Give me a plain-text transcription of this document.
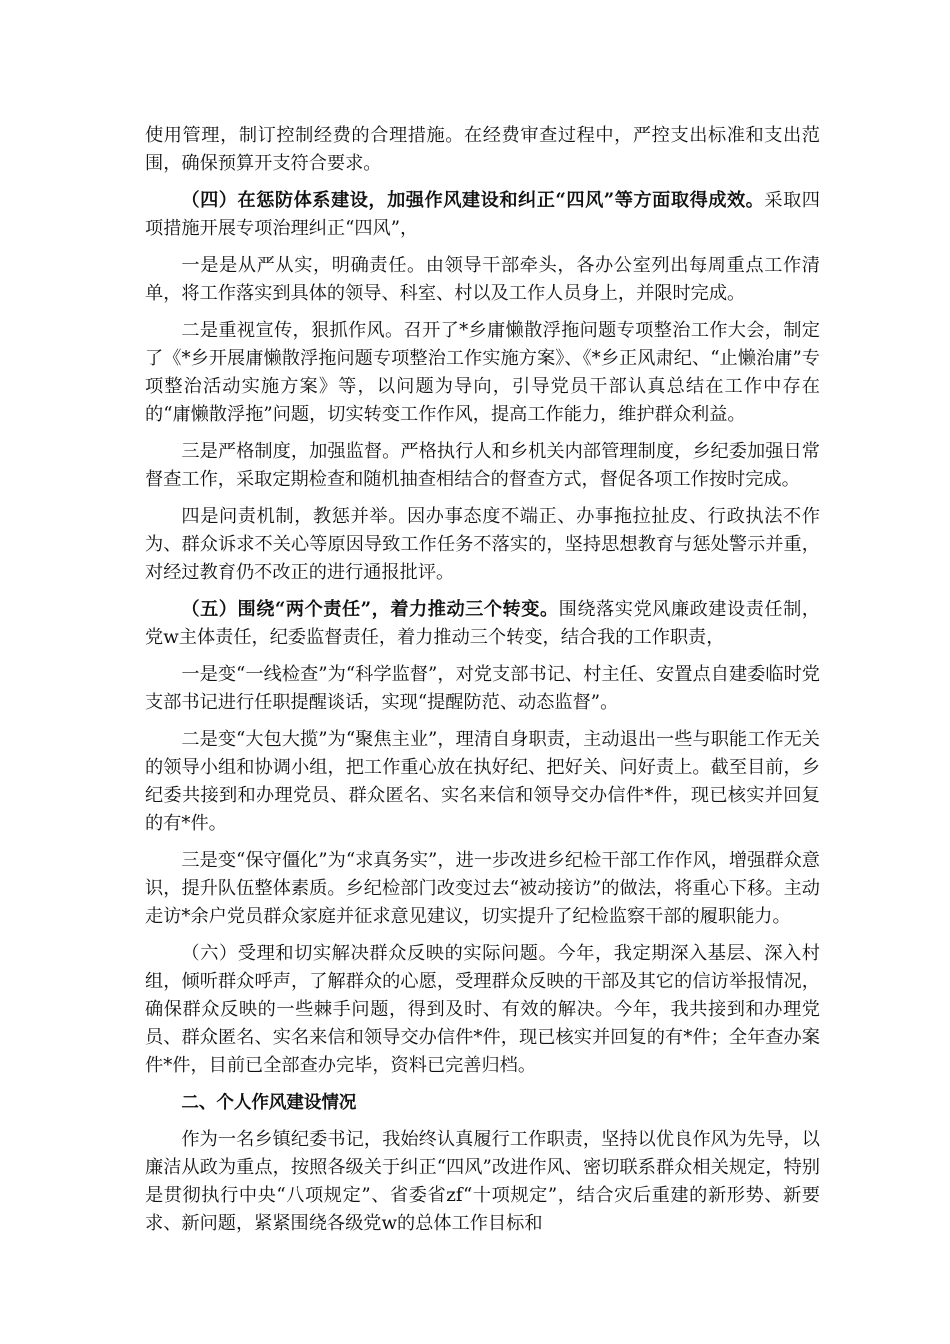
使用管理，制订控制经费的合理措施。在经费审查过程中，严控支出标准和支出范围，确保预算开支符合要求。

（四）在惩防体系建设，加强作风建设和纠正“四风”等方面取得成效。采取四项措施开展专项治理纠正“四风”，

一是是从严从实，明确责任。由领导干部牵头，各办公室列出每周重点工作清单，将工作落实到具体的领导、科室、村以及工作人员身上，并限时完成。

二是重视宣传，狠抓作风。召开了*乡庸懒散浮拖问题专项整治工作大会，制定了《*乡开展庸懒散浮拖问题专项整治工作实施方案》、《*乡正风肃纪、“止懒治庸”专项整治活动实施方案》等，以问题为导向，引导党员干部认真总结在工作中存在的“庸懒散浮拖”问题，切实转变工作作风，提高工作能力，维护群众利益。

三是严格制度，加强监督。严格执行人和乡机关内部管理制度，乡纪委加强日常督查工作，采取定期检查和随机抽查相结合的督查方式，督促各项工作按时完成。

四是问责机制，教惩并举。因办事态度不端正、办事拖拉扯皮、行政执法不作为、群众诉求不关心等原因导致工作任务不落实的，坚持思想教育与惩处警示并重，对经过教育仍不改正的进行通报批评。

（五）围绕“两个责任”，着力推动三个转变。围绕落实党风廉政建设责任制，党w主体责任，纪委监督责任，着力推动三个转变，结合我的工作职责，

一是变“一线检查”为“科学监督”，对党支部书记、村主任、安置点自建委临时党支部书记进行任职提醒谈话，实现“提醒防范、动态监督”。

二是变“大包大揽”为“聚焦主业”，理清自身职责，主动退出一些与职能工作无关的领导小组和协调小组，把工作重心放在执好纪、把好关、问好责上。截至目前，乡纪委共接到和办理党员、群众匿名、实名来信和领导交办信件*件，现已核实并回复的有*件。

三是变“保守僵化”为“求真务实”，进一步改进乡纪检干部工作作风，增强群众意识，提升队伍整体素质。乡纪检部门改变过去“被动接访”的做法，将重心下移。主动走访*余户党员群众家庭并征求意见建议，切实提升了纪检监察干部的履职能力。

（六）受理和切实解决群众反映的实际问题。今年，我定期深入基层、深入村组，倾听群众呼声，了解群众的心愿，受理群众反映的干部及其它的信访举报情况，确保群众反映的一些棘手问题，得到及时、有效的解决。今年，我共接到和办理党员、群众匿名、实名来信和领导交办信件*件，现已核实并回复的有*件；全年查办案件*件，目前已全部查办完毕，资料已完善归档。

二、个人作风建设情况

作为一名乡镇纪委书记，我始终认真履行工作职责，坚持以优良作风为先导，以廉洁从政为重点，按照各级关于纠正“四风”改进作风、密切联系群众相关规定，特别是贯彻执行中央“八项规定”、省委省zf“十项规定”，结合灾后重建的新形势、新要求、新问题，紧紧围绕各级党w的总体工作目标和
